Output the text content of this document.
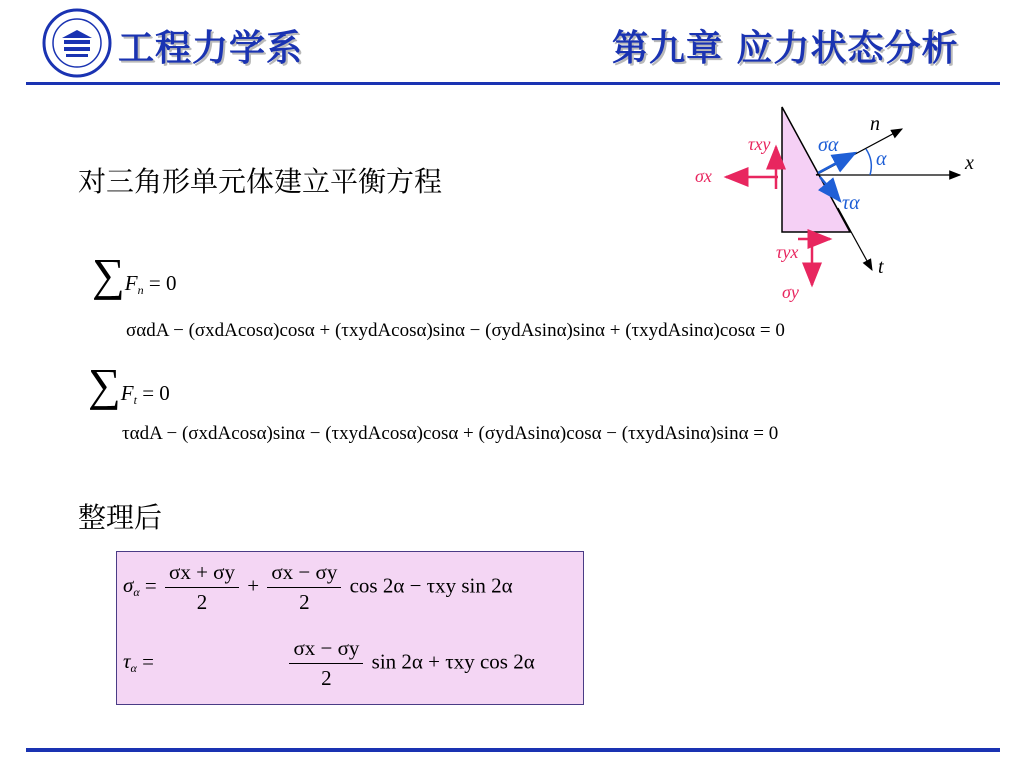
工程力学系	第九章 应力状态分析
对三角形单元体建立平衡方程
n
x
t
α
σα
τα
τxy
σx
τyx
σy
$\sum F_n = 0$
σαdA − (σxdAcosα)cosα + (τxydAcosα)sinα − (σydAsinα)sinα + (τxydAsinα)cosα = 0
$\sum F_t = 0$
ταdA − (σxdAcosα)sinα − (τxydAcosα)cosα + (σydAsinα)cosα − (τxydAsinα)sinα = 0
整理后
$\sigma_\alpha = \frac{\sigma x + \sigma y}{2} + \frac{\sigma x - \sigma y}{2}$ cos 2α − τxy sin 2α
$\tau_\alpha$ =	$\frac{\sigma x - \sigma y}{2}$ sin 2α + τxy cos 2α
